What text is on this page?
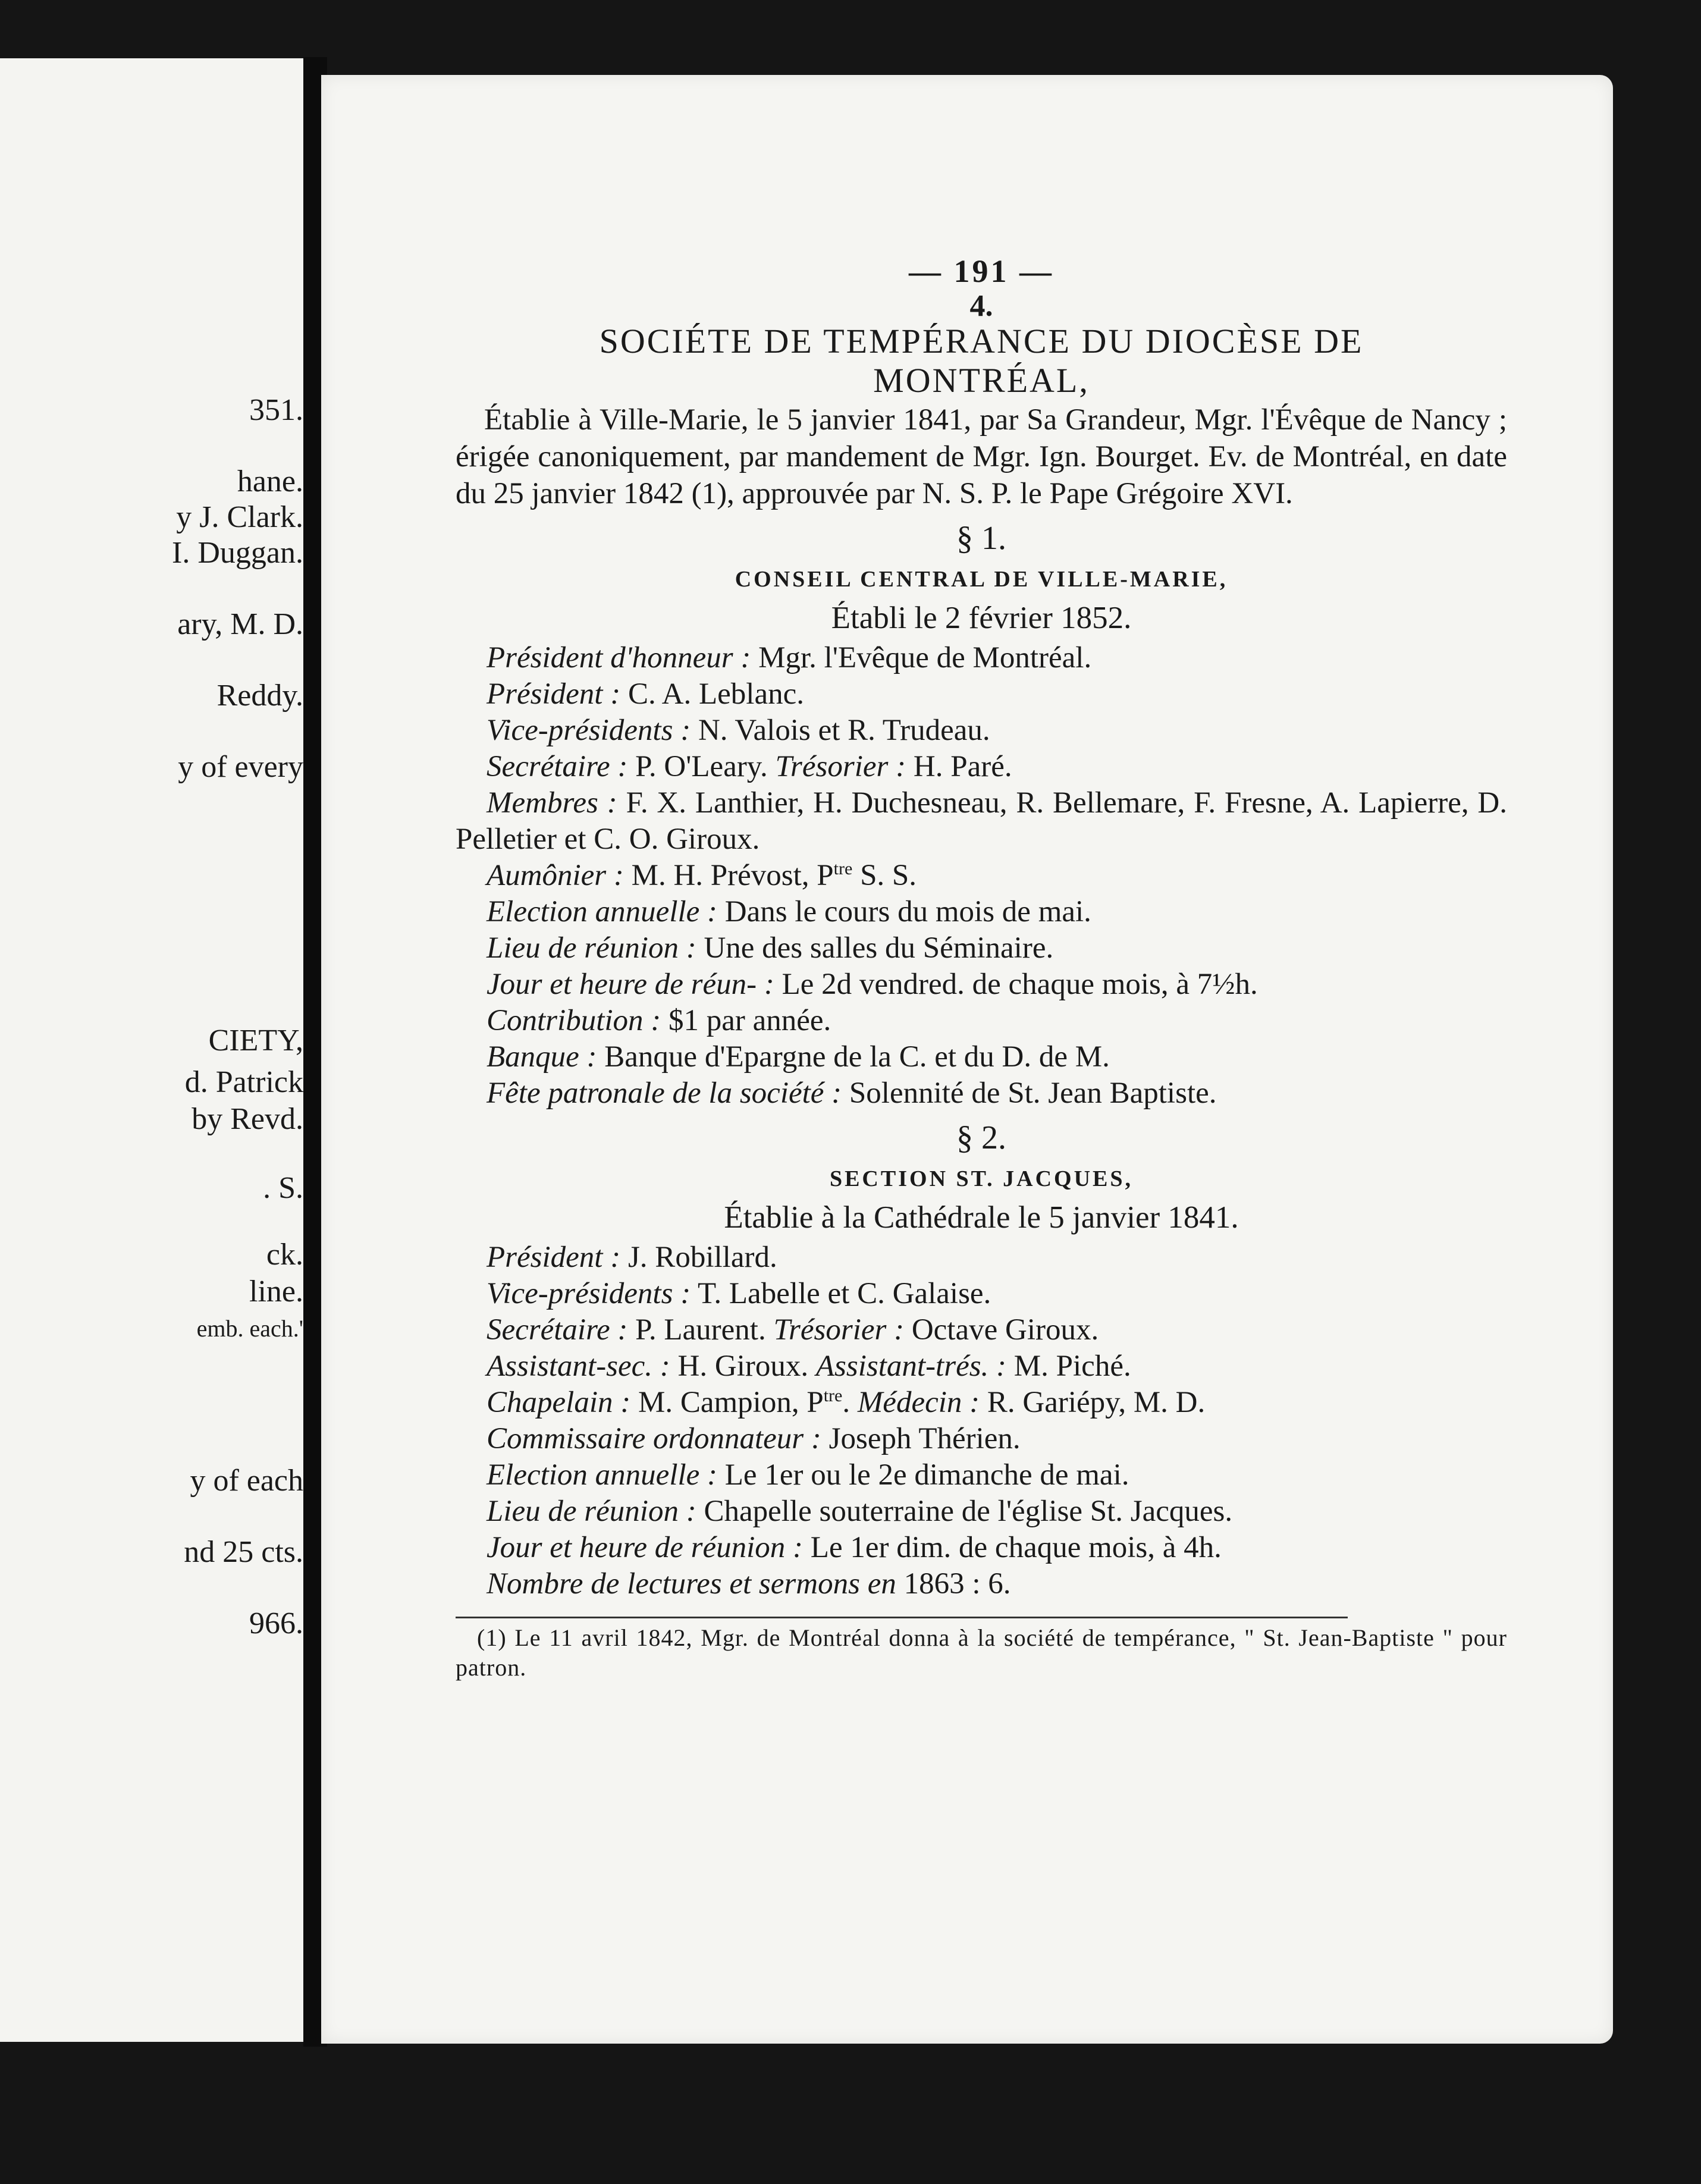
351.
hane.
y J. Clark.
I. Duggan.
ary, M. D.
Reddy.
y of every
CIETY,
d. Patrick
by Revd.
. S.
ck.
line.
emb. each.'
y of each
nd 25 cts.
966.
— 191 —
4.
SOCIÉTE DE TEMPÉRANCE DU DIOCÈSE DE
MONTRÉAL,
Établie à Ville-Marie, le 5 janvier 1841, par Sa Grandeur, Mgr. l'Évêque de Nancy ; érigée canoniquement, par mandement de Mgr. Ign. Bourget. Ev. de Montréal, en date du 25 janvier 1842 (1), approuvée par N. S. P. le Pape Grégoire XVI.
§ 1.
CONSEIL CENTRAL DE VILLE-MARIE,
Établi le 2 février 1852.
Président d'honneur : Mgr. l'Evêque de Montréal.
Président : C. A. Leblanc.
Vice-présidents : N. Valois et R. Trudeau.
Secrétaire : P. O'Leary. Trésorier : H. Paré.
Membres : F. X. Lanthier, H. Duchesneau, R. Bellemare, F. Fresne, A. Lapierre, D. Pelletier et C. O. Giroux.
Aumônier : M. H. Prévost, $P^{tre}$ S. S.
Election annuelle : Dans le cours du mois de mai.
Lieu de réunion : Une des salles du Séminaire.
Jour et heure de réun- : Le 2d vendred. de chaque mois, à 7½h.
Contribution : $1 par année.
Banque : Banque d'Epargne de la C. et du D. de M.
Fête patronale de la société : Solennité de St. Jean Baptiste.
§ 2.
SECTION ST. JACQUES,
Établie à la Cathédrale le 5 janvier 1841.
Président : J. Robillard.
Vice-présidents : T. Labelle et C. Galaise.
Secrétaire : P. Laurent. Trésorier : Octave Giroux.
Assistant-sec. : H. Giroux. Assistant-trés. : M. Piché.
Chapelain : M. Campion, $P^{tre}$. Médecin : R. Gariépy, M. D.
Commissaire ordonnateur : Joseph Thérien.
Election annuelle : Le 1er ou le 2e dimanche de mai.
Lieu de réunion : Chapelle souterraine de l'église St. Jacques.
Jour et heure de réunion : Le 1er dim. de chaque mois, à 4h.
Nombre de lectures et sermons en 1863 : 6.
(1) Le 11 avril 1842, Mgr. de Montréal donna à la société de tempérance, " St. Jean-Baptiste " pour patron.
